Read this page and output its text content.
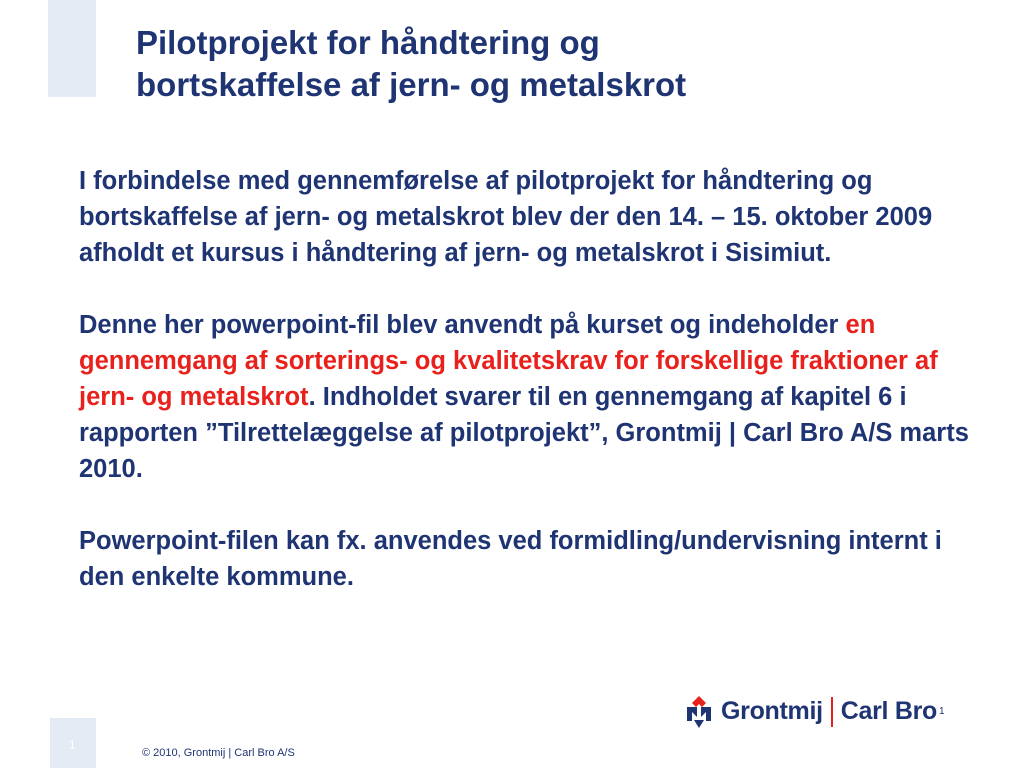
Pilotprojekt for håndtering og
bortskaffelse af jern- og metalskrot

I forbindelse med gennemførelse af pilotprojekt for håndtering og bortskaffelse af jern- og metalskrot blev der den 14. – 15. oktober 2009 afholdt et kursus i håndtering af jern- og metalskrot i Sisimiut.

Denne her powerpoint-fil blev anvendt på kurset og indeholder en gennemgang af sorterings- og kvalitetskrav for forskellige fraktioner af jern- og metalskrot. Indholdet svarer til en gennemgang af kapitel 6 i rapporten ”Tilrettelæggelse af pilotprojekt”, Grontmij | Carl Bro A/S marts 2010.

Powerpoint-filen kan fx. anvendes ved formidling/undervisning internt i den enkelte kommune.

Grontmij Carl Bro 1
1
© 2010, Grontmij | Carl Bro A/S
